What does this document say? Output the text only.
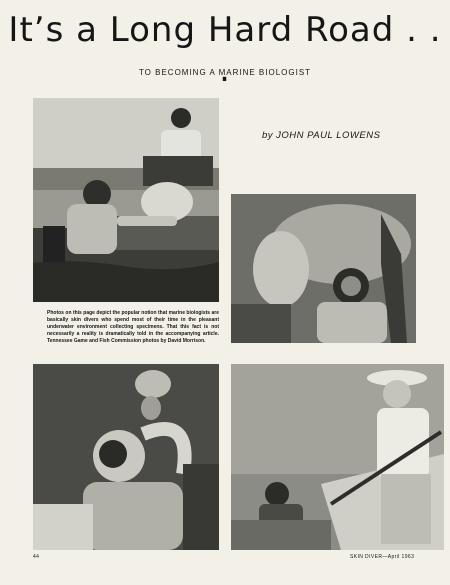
It’s a Long Hard Road . . .
TO BECOMING A MARINE BIOLOGIST
by JOHN PAUL LOWENS
Photos on this page depict the popular notion that marine biologists are basically skin divers who spend most of their time in the pleasant underwater environment collecting specimens. That this fact is not necessarily a reality is dramatically told in the accompanying article. Tennessee Game and Fish Commission photos by David Morrison.
44	SKIN DIVER—April 1963
